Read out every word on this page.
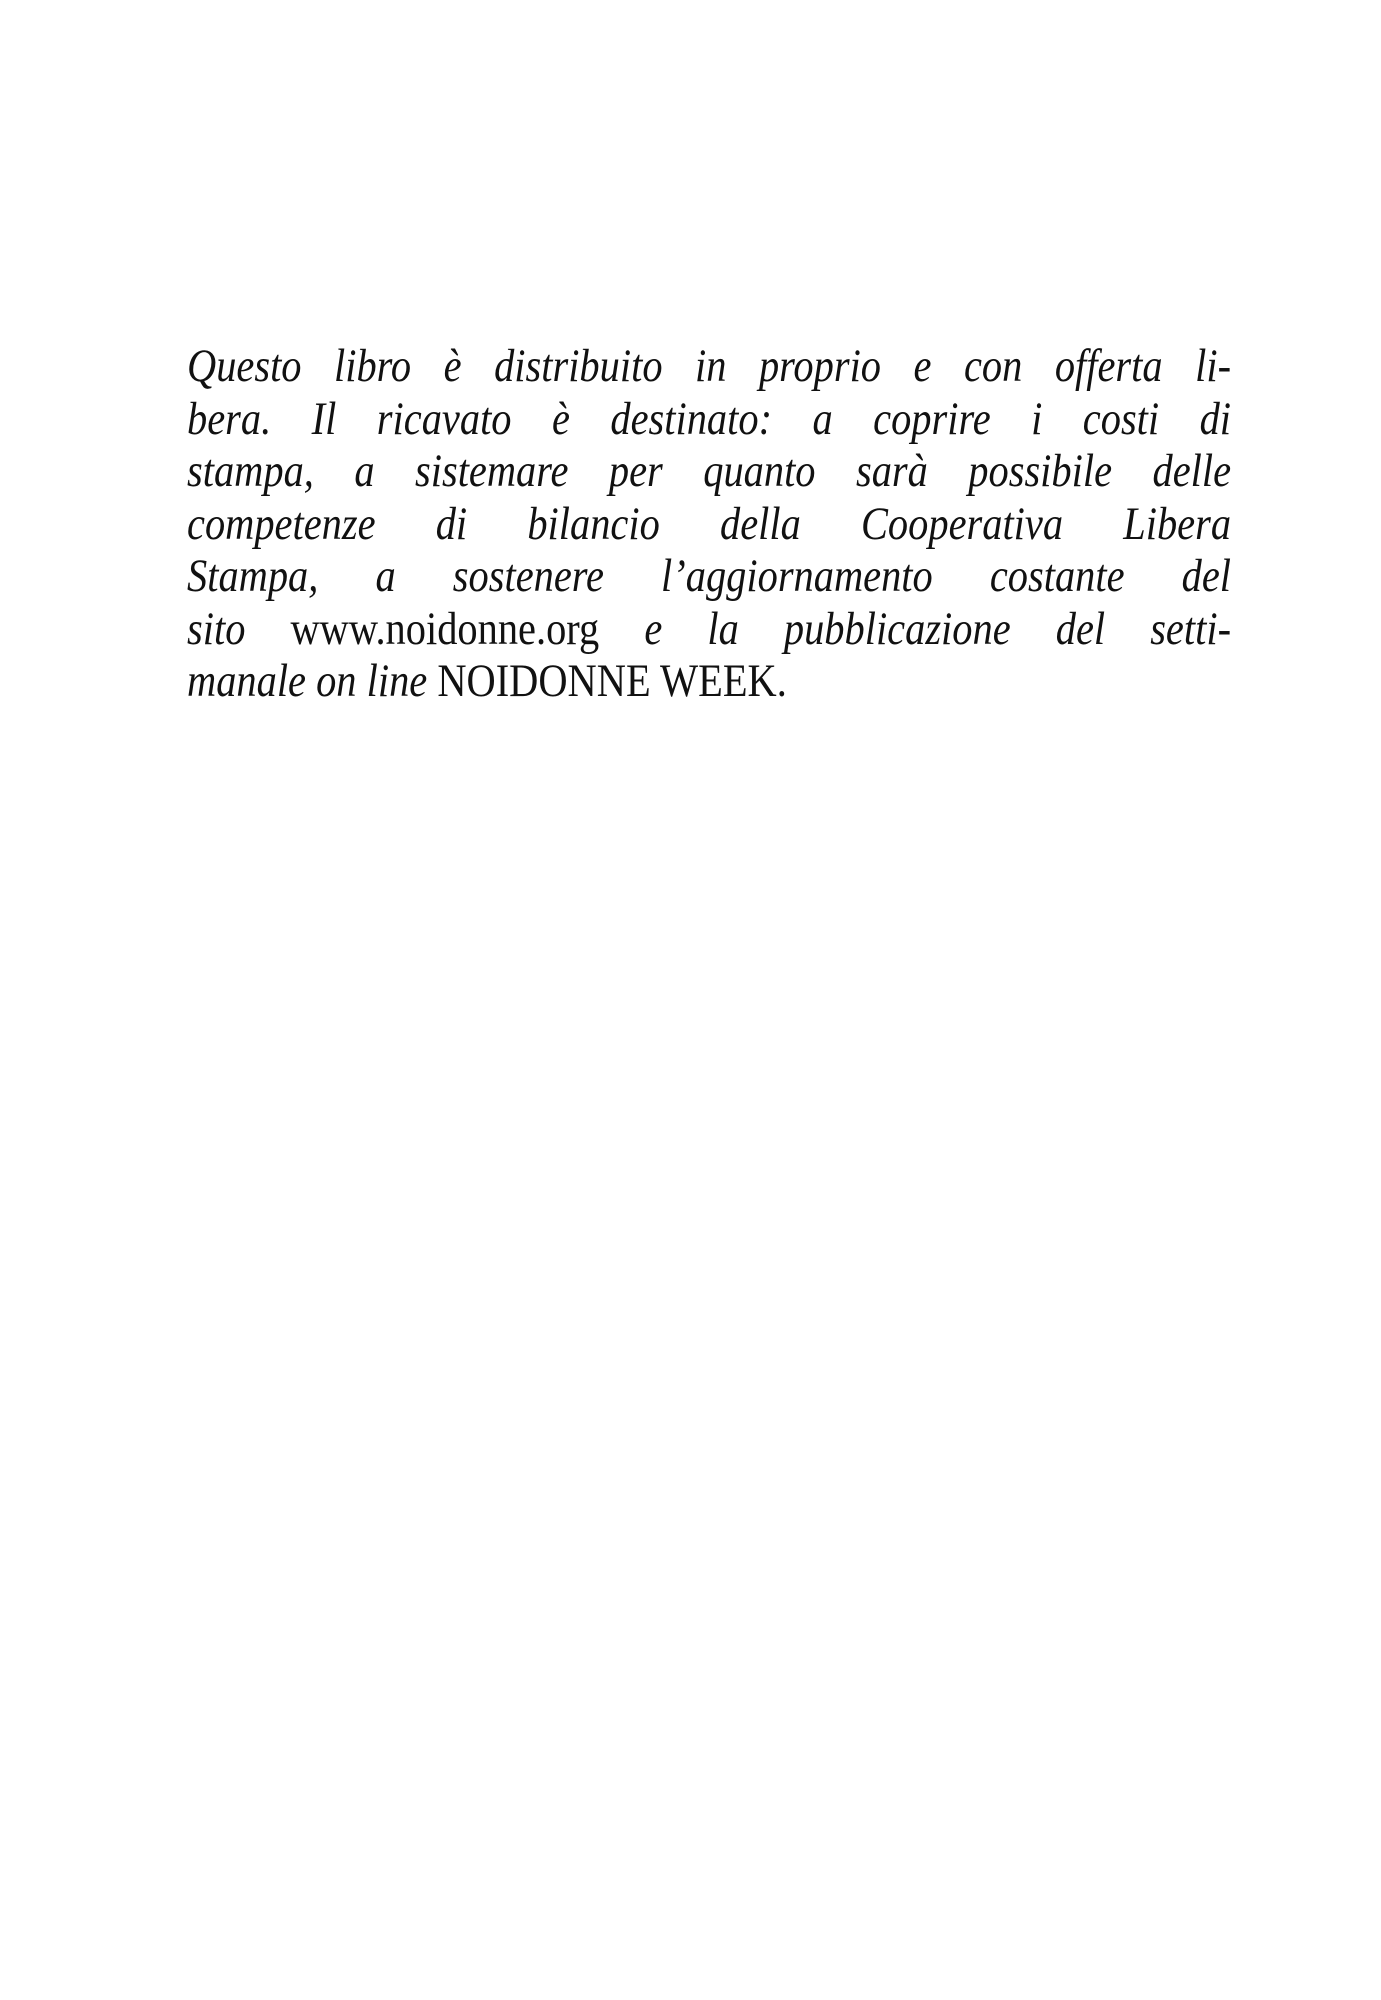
Questo libro è distribuito in proprio e con offerta li-
bera. Il ricavato è destinato: a coprire i costi di
stampa, a sistemare per quanto sarà possibile delle
competenze di bilancio della Cooperativa Libera
Stampa, a sostenere l’aggiornamento costante del
sito www.noidonne.org e la pubblicazione del setti-
manale on line NOIDONNE WEEK.
